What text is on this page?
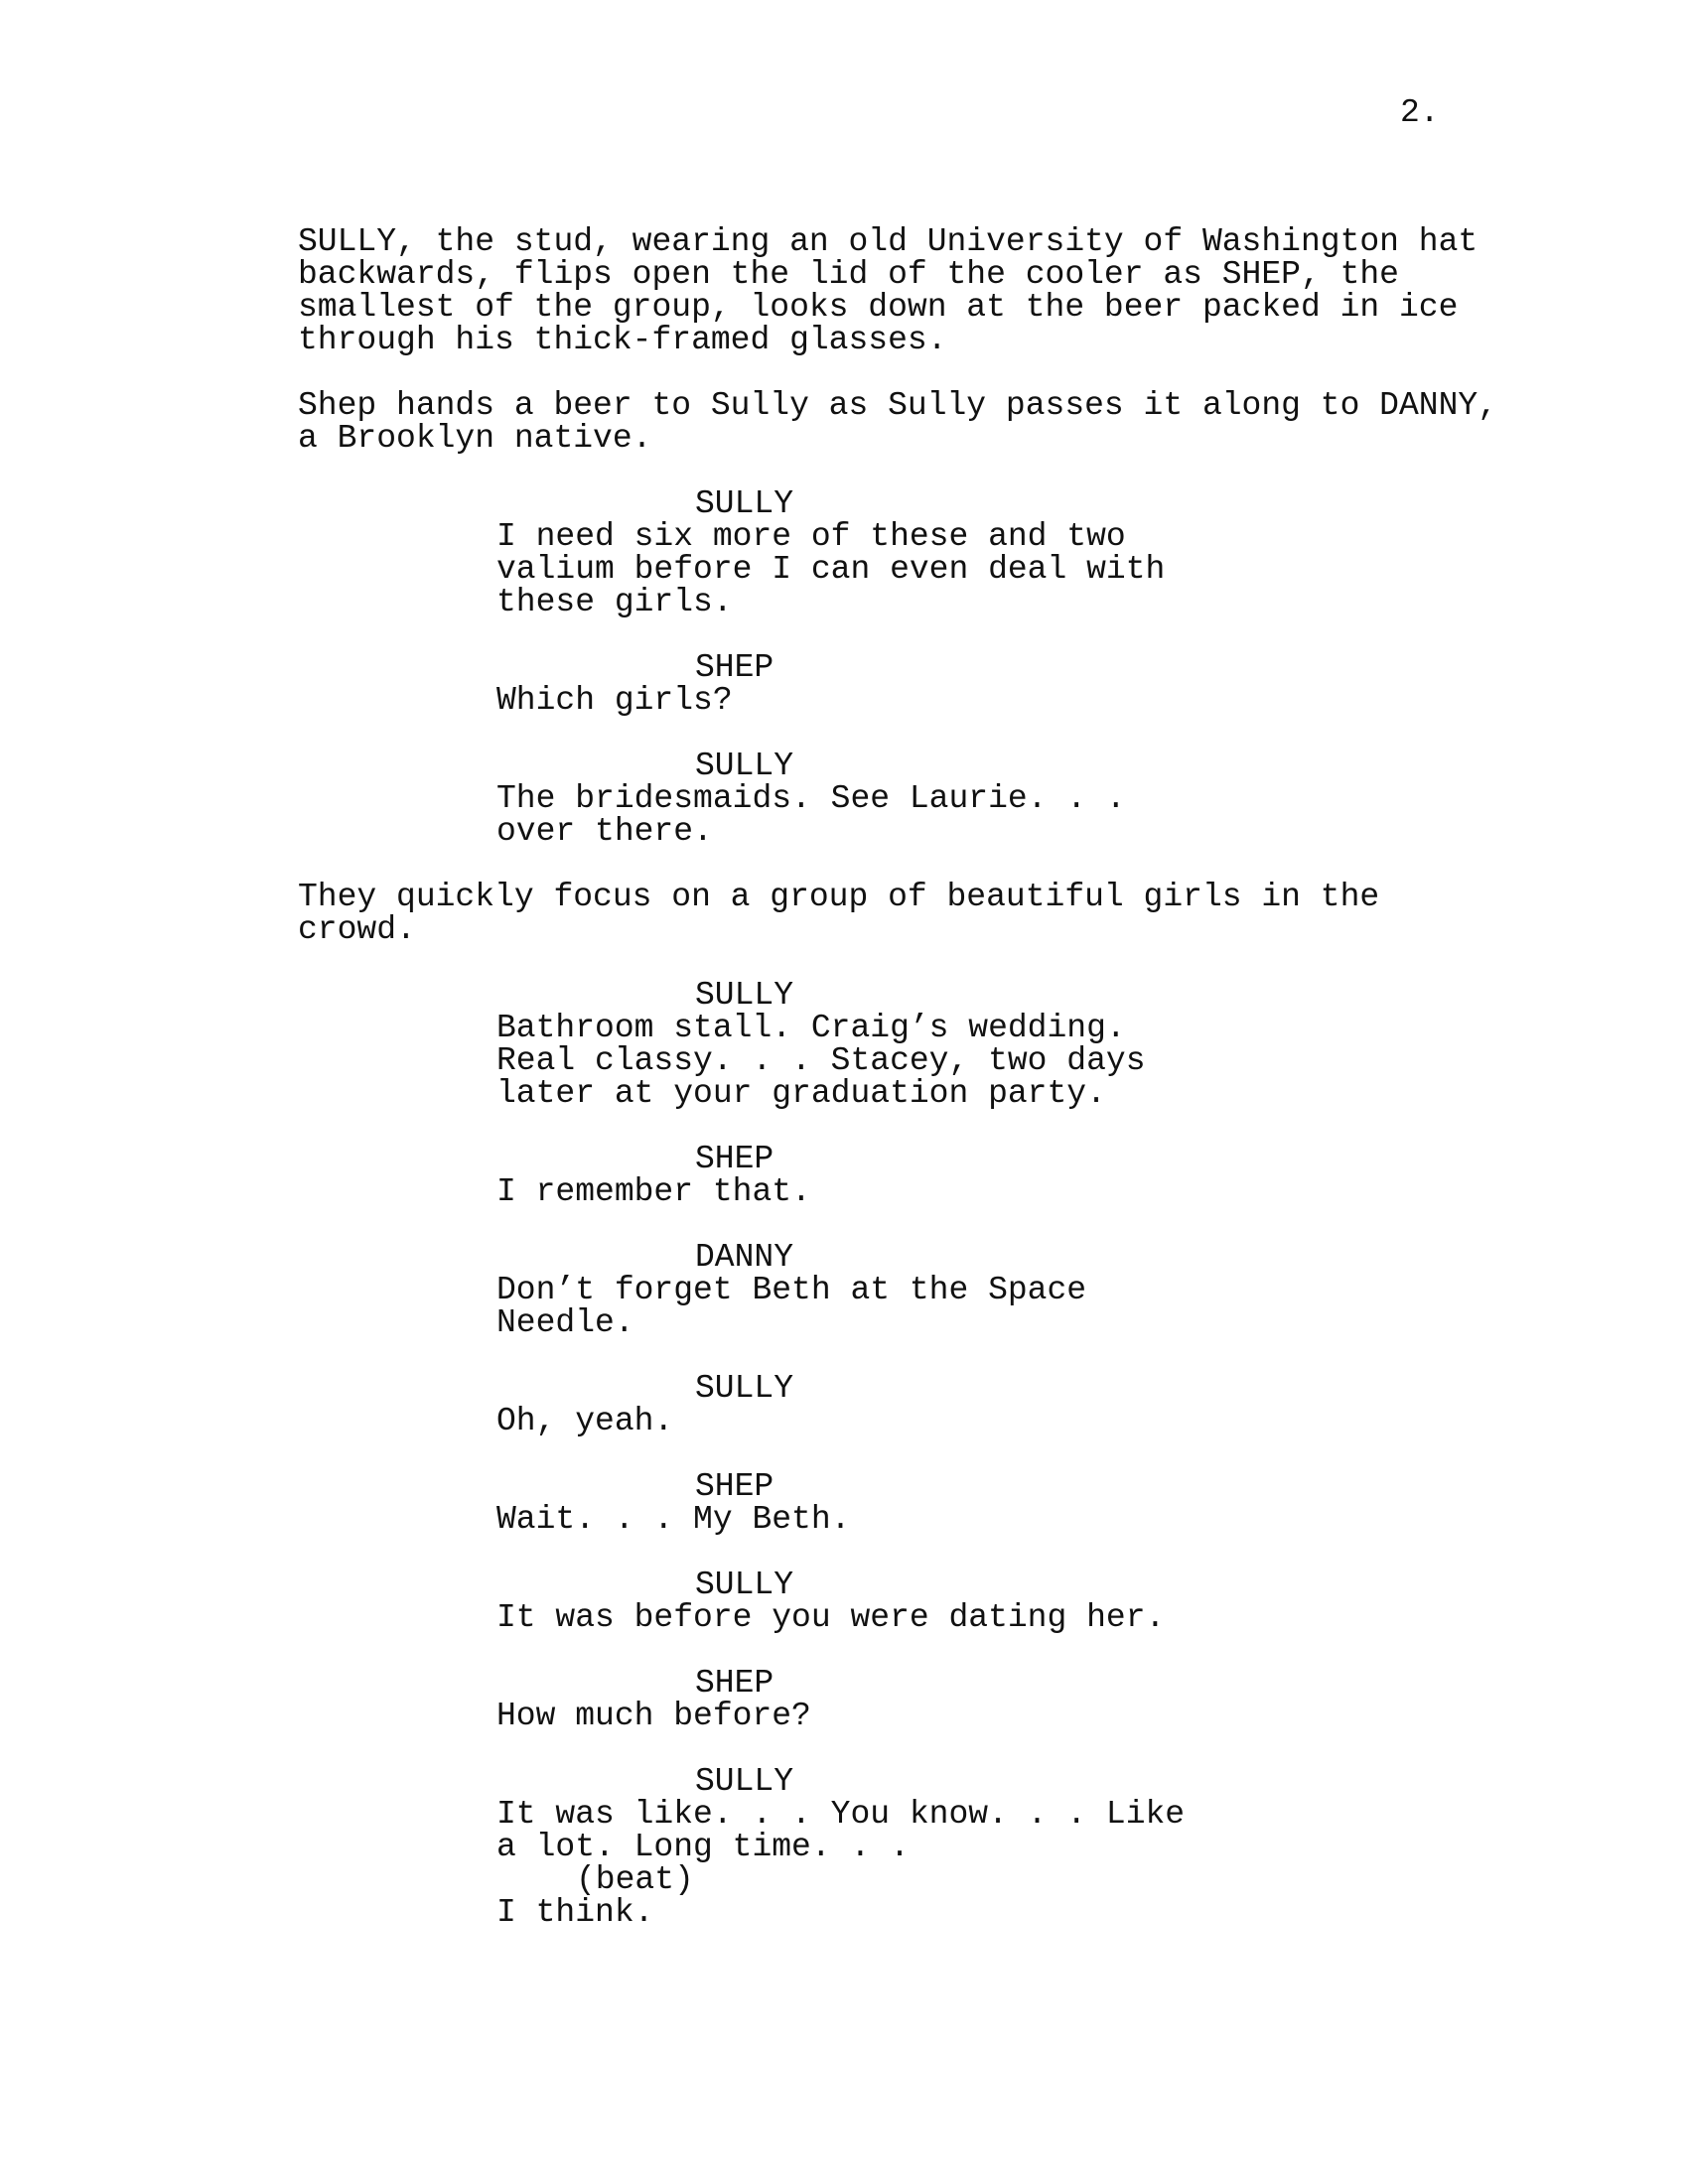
2.
SULLY, the stud, wearing an old University of Washington hat
backwards, flips open the lid of the cooler as SHEP, the
smallest of the group, looks down at the beer packed in ice
through his thick-framed glasses.
Shep hands a beer to Sully as Sully passes it along to DANNY,
a Brooklyn native.
SULLY
I need six more of these and two
valium before I can even deal with
these girls.
SHEP
Which girls?
SULLY
The bridesmaids. See Laurie. . .
over there.
They quickly focus on a group of beautiful girls in the
crowd.
SULLY
Bathroom stall. Craig’s wedding.
Real classy. . . Stacey, two days
later at your graduation party.
SHEP
I remember that.
DANNY
Don’t forget Beth at the Space
Needle.
SULLY
Oh, yeah.
SHEP
Wait. . . My Beth.
SULLY
It was before you were dating her.
SHEP
How much before?
SULLY
It was like. . . You know. . . Like
a lot. Long time. . .
(beat)
I think.
